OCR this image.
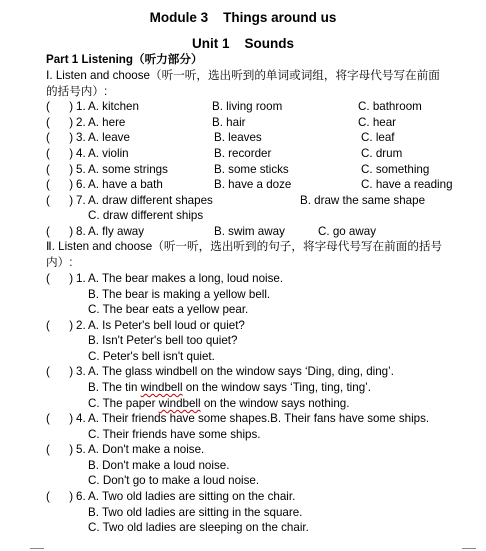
Module 3    Things around us
Unit 1    Sounds
Part 1 Listening（听力部分）
Ⅰ. Listen and choose（听一听，选出听到的单词或词组，将字母代号写在前面
的括号内）:
(      ) 1. A. kitchen	B. living room	C. bathroom
(      ) 2. A. here	B. hair	C. hear
(      ) 3. A. leave	B. leaves	C. leaf
(      ) 4. A. violin	B. recorder	C. drum
(      ) 5. A. some strings	B. some sticks	C. something
(      ) 6. A. have a bath	B. have a doze	C. have a reading
(      ) 7. A. draw different shapes	B. draw the same shape
C. draw different ships
(      ) 8. A. fly away	B. swim away	C. go away
Ⅱ. Listen and choose（听一听，选出听到的句子，将字母代号写在前面的括号
内）:
(      ) 1. A. The bear makes a long, loud noise.
B. The bear is making a yellow bell.
C. The bear eats a yellow pear.
(      ) 2. A. Is Peter's bell loud or quiet?
B. Isn't Peter's bell too quiet?
C. Peter's bell isn't quiet.
(      ) 3. A. The glass windbell on the window says ‘Ding, ding, ding’.
B. The tin windbell on the window says ‘Ting, ting, ting’.
C. The paper windbell on the window says nothing.
(      ) 4. A. Their friends have some shapes.B. Their fans have some ships.
C. Their friends have some ships.
(      ) 5. A. Don't make a noise.
B. Don't make a loud noise.
C. Don't go to make a loud noise.
(      ) 6. A. Two old ladies are sitting on the chair.
B. Two old ladies are sitting in the square.
C. Two old ladies are sleeping on the chair.
